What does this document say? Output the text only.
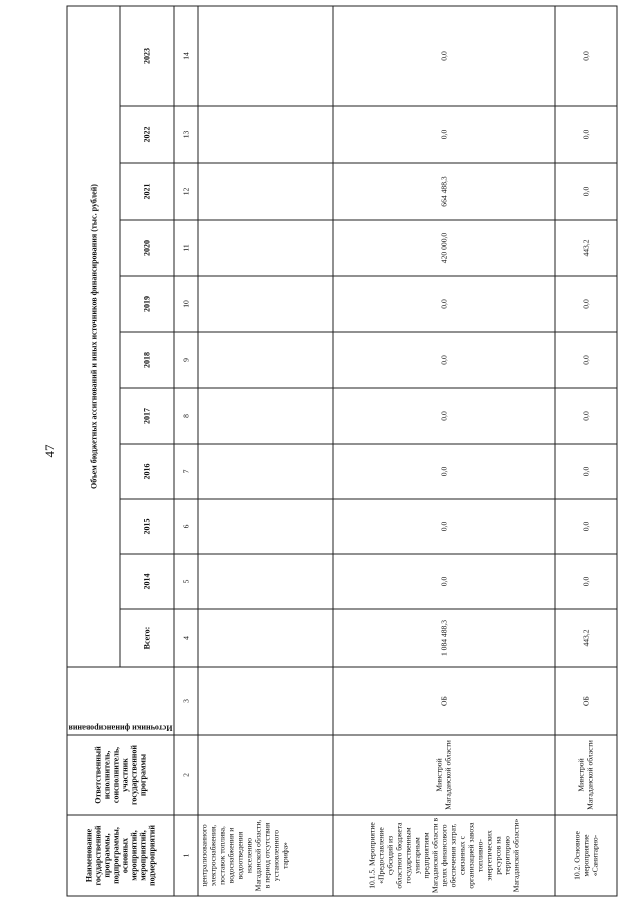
47
Наименование государственной программы, подпрограммы, основных мероприятий, мероприятий, подмероприятий	Ответственный исполнитель, соисполнитель, участник государственной программы	Источники финансирования	Объем бюджетных ассигнований и иных источников финансирования (тыс. рублей)										
			Всего:	2014	2015	2016	2017	2018	2019	2020	2021	2022	2023
1	2	3	4	5	6	7	8	9	10	11	12	13	14
централизованного электроснабжения, поставок топлива, водоснабжения и водоотведения населению Магаданской области, в период отсутствия установленного тарифа»													
10.1.5. Мероприятие «Предоставление субсидий из областного бюджета государственным унитарным предприятиям Магаданской области в целях финансового обеспечения затрат, связанных с организацией завоза топливно-энергетических ресурсов на территорию Магаданской области»	Минстрой Магаданской области	ОБ	1 084 488,3	0,0	0,0	0,0	0,0	0,0	0,0	420 000,0	664 488,3	0,0	0,0
10.2. Основное мероприятие «Санитарно-	Минстрой Магаданской области	ОБ	443,2	0,0	0,0	0,0	0,0	0,0	0,0	443,2	0,0	0,0	0,0
